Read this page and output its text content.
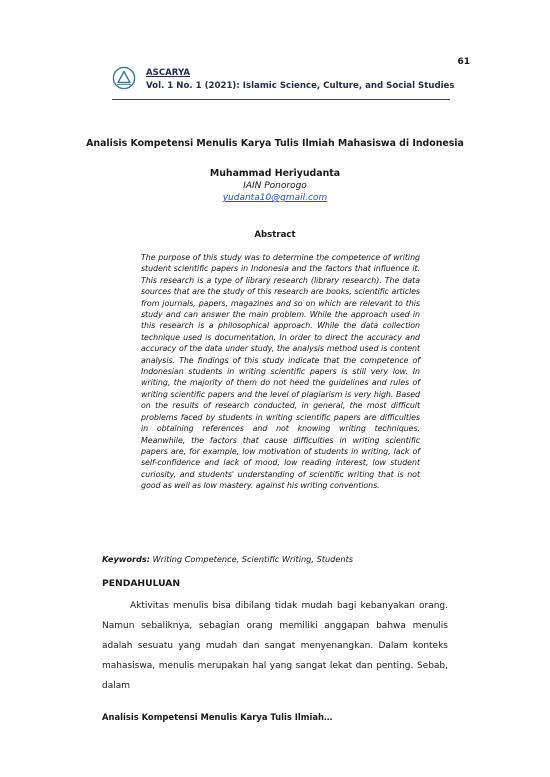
61
ASCARYA
Vol. 1 No. 1 (2021): Islamic Science, Culture, and Social Studies
Analisis Kompetensi Menulis Karya Tulis Ilmiah Mahasiswa di Indonesia
Muhammad Heriyudanta
IAIN Ponorogo
yudanta10@gmail.com
Abstract
The purpose of this study was to determine the competence of writing student scientific papers in Indonesia and the factors that influence it. This research is a type of library research (library research). The data sources that are the study of this research are books, scientific articles from journals, papers, magazines and so on which are relevant to this study and can answer the main problem. While the approach used in this research is a philosophical approach. While the data collection technique used is documentation. In order to direct the accuracy and accuracy of the data under study, the analysis method used is content analysis. The findings of this study indicate that the competence of Indonesian students in writing scientific papers is still very low. In writing, the majority of them do not heed the guidelines and rules of writing scientific papers and the level of plagiarism is very high. Based on the results of research conducted, in general, the most difficult problems faced by students in writing scientific papers are difficulties in obtaining references and not knowing writing techniques. Meanwhile, the factors that cause difficulties in writing scientific papers are, for example, low motivation of students in writing, lack of self-confidence and lack of mood, low reading interest, low student curiosity, and students' understanding of scientific writing that is not good as well as low mastery. against his writing conventions.
Keywords: Writing Competence, Scientific Writing, Students
PENDAHULUAN

Aktivitas menulis bisa dibilang tidak mudah bagi kebanyakan orang. Namun sebaliknya, sebagian orang memiliki anggapan bahwa menulis adalah sesuatu yang mudah dan sangat menyenangkan. Dalam konteks mahasiswa, menulis merupakan hal yang sangat lekat dan penting. Sebab, dalam

Analisis Kompetensi Menulis Karya Tulis Ilmiah…
